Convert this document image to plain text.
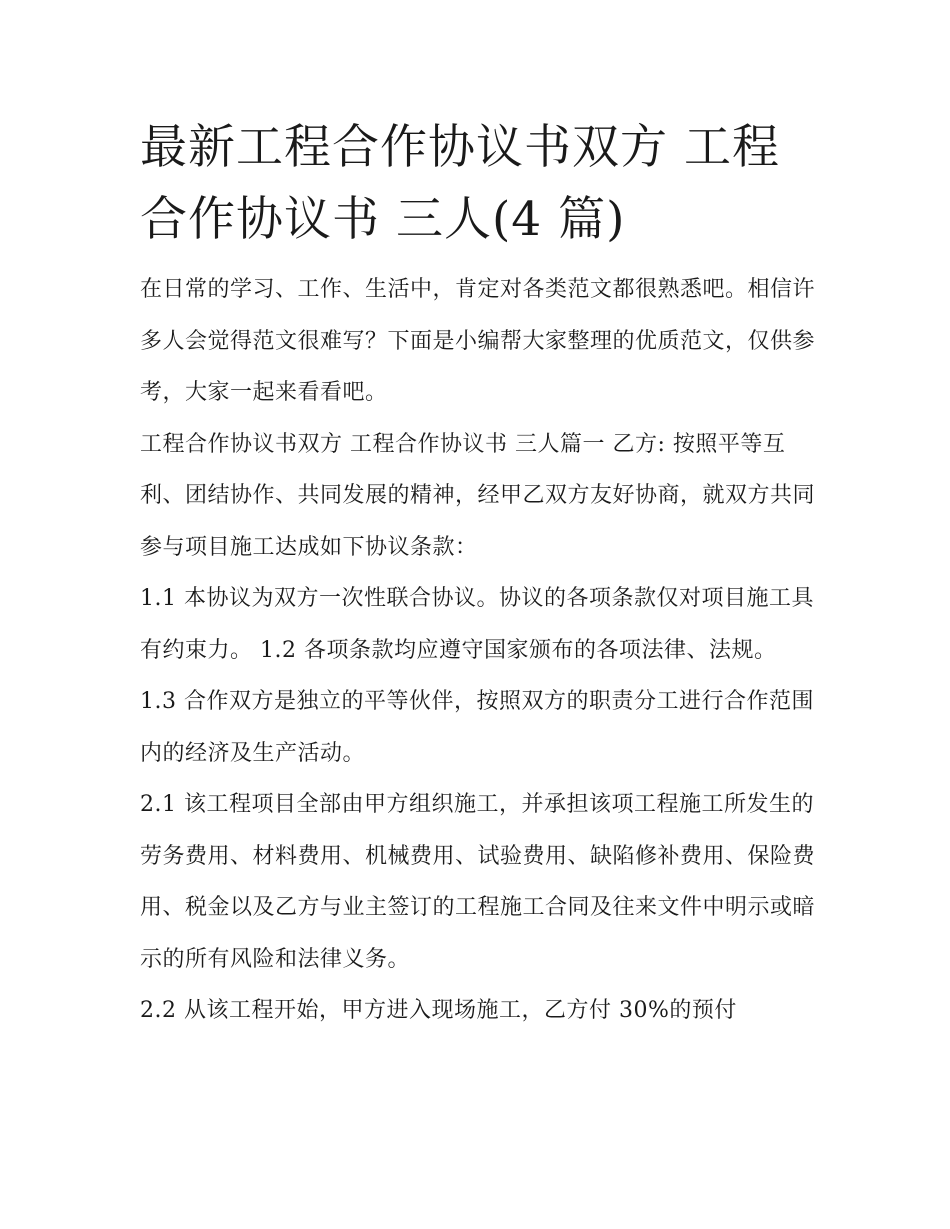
最新工程合作协议书双方 工程合作协议书 三人(4 篇)

在日常的学习、工作、生活中，肯定对各类范文都很熟悉吧。相信许多人会觉得范文很难写？下面是小编帮大家整理的优质范文，仅供参考，大家一起来看看吧。

工程合作协议书双方 工程合作协议书 三人篇一 乙方: 按照平等互利、团结协作、共同发展的精神，经甲乙双方友好协商，就双方共同参与项目施工达成如下协议条款：

1.1 本协议为双方一次性联合协议。协议的各项条款仅对项目施工具有约束力。 1.2 各项条款均应遵守国家颁布的各项法律、法规。

1.3 合作双方是独立的平等伙伴，按照双方的职责分工进行合作范围内的经济及生产活动。

2.1 该工程项目全部由甲方组织施工，并承担该项工程施工所发生的劳务费用、材料费用、机械费用、试验费用、缺陷修补费用、保险费用、税金以及乙方与业主签订的工程施工合同及往来文件中明示或暗示的所有风险和法律义务。

2.2 从该工程开始，甲方进入现场施工，乙方付 30%的预付
